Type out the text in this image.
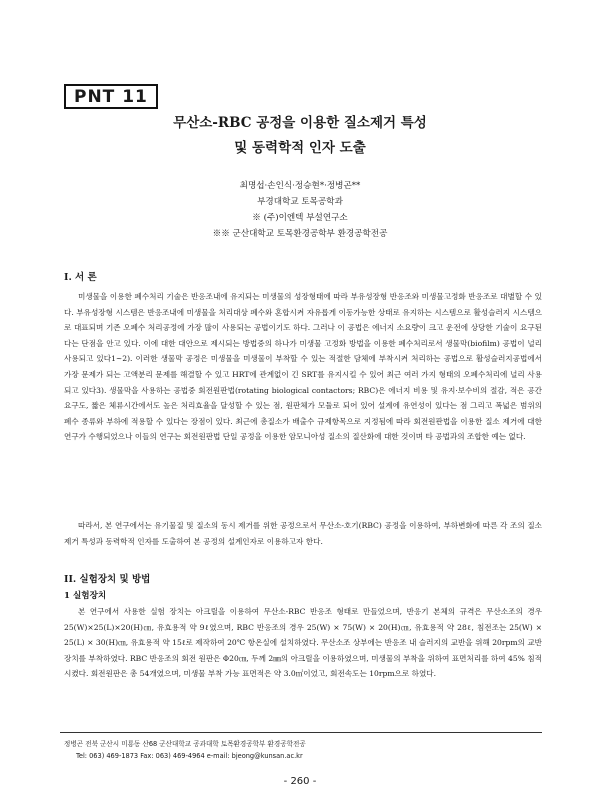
PNT 11
무산소-RBC 공정을 이용한 질소제거 특성
및 동력학적 인자 도출
최명섭·손인식·정승현*·정병곤**
부경대학교 토목공학과
※ (주)이엔텍 부설연구소
※※ 군산대학교 토목환경공학부 환경공학전공
I. 서 론

미생물을 이용한 폐수처리 기술은 반응조내에 유지되는 미생물의 성장형태에 따라 부유성장형 반응조와 미생물고정화 반응조로 대별할 수 있다. 부유성장형 시스템은 반응조내에 미생물을 처리대상 폐수와 혼합시켜 자유롭게 이동가능한 상태로 유지하는 시스템으로 활성슬러지 시스템으로 대표되며 기존 오폐수 처리공정에 가장 많이 사용되는 공법이기도 하다. 그러나 이 공법은 에너지 소요량이 크고 운전에 상당한 기술이 요구된다는 단점을 안고 있다. 이에 대한 대안으로 제시되는 방법중의 하나가 미생물 고정화 방법을 이용한 폐수처리로서 생물막(biofilm) 공법이 널리 사용되고 있다1~2). 이러한 생물막 공정은 미생물을 미생물이 부착할 수 있는 적절한 담체에 부착시켜 처리하는 공법으로 활성슬러지공법에서 가장 문제가 되는 고액분리 문제를 해결할 수 있고 HRT에 관계없이 긴 SRT를 유지시킬 수 있어 최근 여러 가지 형태의 오폐수처리에 널리 사용되고 있다3). 생물막을 사용하는 공법중 회전원판법(rotating biological contactors; RBC)은 에너지 비용 및 유지·보수비의 절감, 적은 공간요구도, 짧은 체류시간에서도 높은 처리효율을 달성할 수 있는 점, 원판체가 모듈로 되어 있어 설계에 유연성이 있다는 점 그리고 폭넓은 범위의 폐수 종류와 부하에 적용할 수 있다는 장점이 있다. 최근에 총질소가 배출수 규제항목으로 지정됨에 따라 회전원판법을 이용한 질소 제거에 대한 연구가 수행되었으나 이들의 연구는 회전원판법 단일 공정을 이용한 암모니아성 질소의 질산화에 대한 것이며 타 공법과의 조합한 예는 없다.

따라서, 본 연구에서는 유기물질 및 질소의 동시 제거를 위한 공정으로서 무산소-호기(RBC) 공정을 이용하여, 부하변화에 따른 각 조의 질소제거 특성과 동력학적 인자를 도출하여 본 공정의 설계인자로 이용하고자 한다.

II. 실험장치 및 방법
1 실험장치

본 연구에서 사용한 실험 장치는 아크릴을 이용하여 무산소-RBC 반응조 형태로 만들었으며, 반응기 본체의 규격은 무산소조의 경우 25(W)×25(L)×20(H)㎝, 유효용적 약 9ℓ였으며, RBC 반응조의 경우 25(W) × 75(W) × 20(H)㎝, 유효용적 약 28ℓ, 침전조는 25(W) × 25(L) × 30(H)㎝, 유효용적 약 15ℓ로 제작하여 20℃ 항온실에 설치하였다. 무산소조 상부에는 반응조 내 슬러지의 교반을 위해 20rpm의 교반장치를 부착하였다. RBC 반응조의 회전 원판은 Φ20㎝, 두께 2㎜의 아크릴을 이용하였으며, 미생물의 부착을 위하여 표면처리를 하여 45% 침적시켰다. 회전원판은 총 54개였으며, 미생물 부착 가능 표면적은 약 3.0㎡이었고, 회전속도는 10rpm으로 하였다.

정병곤 전북 군산시 미룡동 산68 군산대학교 공과대학 토목환경공학부 환경공학전공
Tel: 063) 469-1873 Fax: 063) 469-4964 e-mail: bjeong@kunsan.ac.kr
- 260 -
